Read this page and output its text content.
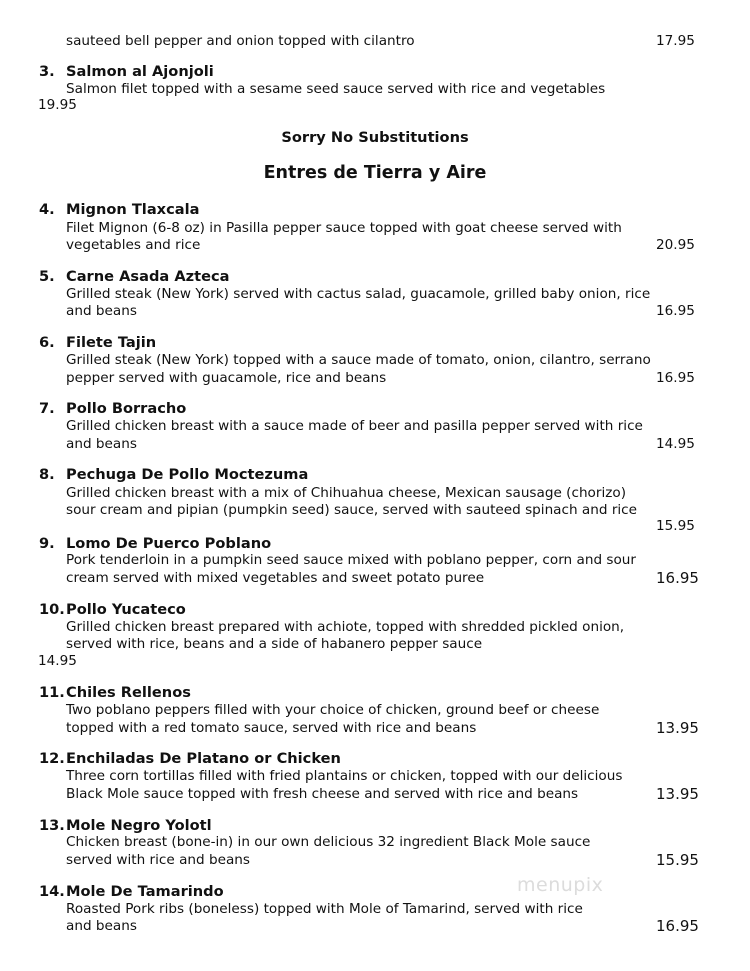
sauteed bell pepper and onion topped with cilantro	17.95
3. Salmon al Ajonjoli
Salmon filet topped with a sesame seed sauce served with rice and vegetables
19.95
Sorry No Substitutions
Entres de Tierra y Aire
4. Mignon Tlaxcala
Filet Mignon (6-8 oz) in Pasilla pepper sauce topped with goat cheese served with
vegetables and rice	20.95
5. Carne Asada Azteca
Grilled steak (New York) served with cactus salad, guacamole, grilled baby onion, rice
and beans	16.95
6. Filete Tajin
Grilled steak (New York) topped with a sauce made of tomato, onion, cilantro, serrano
pepper served with guacamole, rice and beans	16.95
7. Pollo Borracho
Grilled chicken breast with a sauce made of beer and pasilla pepper served with rice
and beans	14.95
8. Pechuga De Pollo Moctezuma
Grilled chicken breast with a mix of Chihuahua cheese, Mexican sausage (chorizo)
sour cream and pipian (pumpkin seed) sauce, served with sauteed spinach and rice
15.95
9. Lomo De Puerco Poblano
Pork tenderloin in a pumpkin seed sauce mixed with poblano pepper, corn and sour
cream served with mixed vegetables and sweet potato puree	16.95
10. Pollo Yucateco
Grilled chicken breast prepared with achiote, topped with shredded pickled onion,
served with rice, beans and a side of habanero pepper sauce
14.95
11. Chiles Rellenos
Two poblano peppers filled with your choice of chicken, ground beef or cheese
topped with a red tomato sauce, served with rice and beans	13.95
12. Enchiladas De Platano or Chicken
Three corn tortillas filled with fried plantains or chicken, topped with our delicious
Black Mole sauce topped with fresh cheese and served with rice and beans	13.95
13. Mole Negro Yolotl
Chicken breast (bone-in) in our own delicious 32 ingredient Black Mole sauce
served with rice and beans	15.95
14. Mole De Tamarindo
Roasted Pork ribs (boneless) topped with Mole of Tamarind, served with rice
and beans	16.95
menupix
